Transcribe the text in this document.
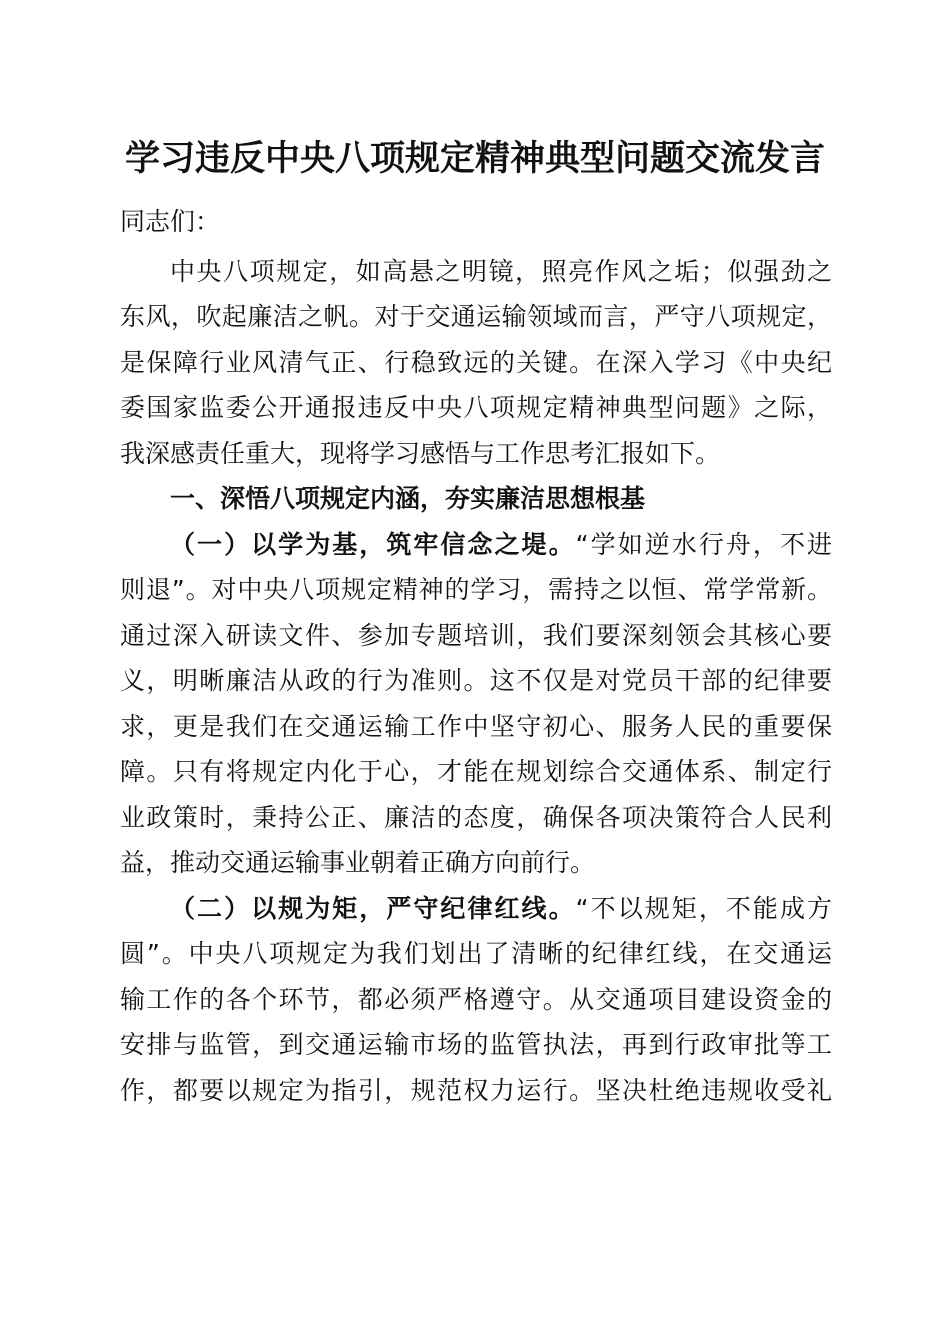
学习违反中央八项规定精神典型问题交流发言
同志们：
中央八项规定，如高悬之明镜，照亮作风之垢；似强劲之
东风，吹起廉洁之帆。对于交通运输领域而言，严守八项规定，
是保障行业风清气正、行稳致远的关键。在深入学习《中央纪
委国家监委公开通报违反中央八项规定精神典型问题》之际，
我深感责任重大，现将学习感悟与工作思考汇报如下。
一、深悟八项规定内涵，夯实廉洁思想根基
（一）以学为基，筑牢信念之堤。“学如逆水行舟，不进
则退”。对中央八项规定精神的学习，需持之以恒、常学常新。
通过深入研读文件、参加专题培训，我们要深刻领会其核心要
义，明晰廉洁从政的行为准则。这不仅是对党员干部的纪律要
求，更是我们在交通运输工作中坚守初心、服务人民的重要保
障。只有将规定内化于心，才能在规划综合交通体系、制定行
业政策时，秉持公正、廉洁的态度，确保各项决策符合人民利
益，推动交通运输事业朝着正确方向前行。
（二）以规为矩，严守纪律红线。“不以规矩，不能成方
圆”。中央八项规定为我们划出了清晰的纪律红线，在交通运
输工作的各个环节，都必须严格遵守。从交通项目建设资金的
安排与监管，到交通运输市场的监管执法，再到行政审批等工
作，都要以规定为指引，规范权力运行。坚决杜绝违规收受礼
